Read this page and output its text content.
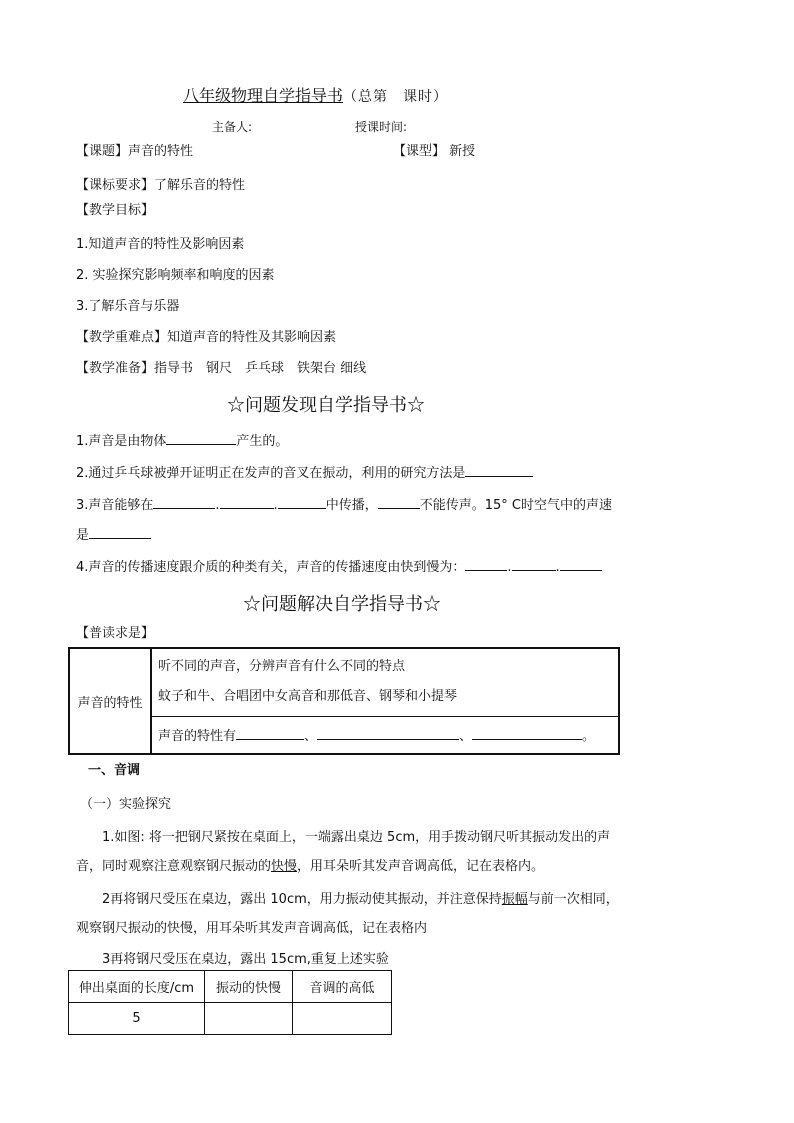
八年级物理自学指导书（总第　课时）
主备人:	授课时间:
【课题】声音的特性	【课型】 新授
【课标要求】了解乐音的特性
【教学目标】
1.知道声音的特性及影响因素
2. 实验探究影响频率和响度的因素
3.了解乐音与乐器
【教学重难点】知道声音的特性及其影响因素
【教学准备】指导书　钢尺　乒乓球　铁架台 细线
☆问题发现自学指导书☆
1.声音是由物体	产生的。
2.通过乒乓球被弹开证明正在发声的音叉在振动，利用的研究方法是
3.声音能够在	.	.	中传播，	不能传声。15° C时空气中的声速
是
4.声音的传播速度跟介质的种类有关，声音的传播速度由快到慢为：	.	.
☆问题解决自学指导书☆
【普读求是】
声音的特性	
听不同的声音，分辨声音有什么不同的特点
蚊子和牛、合唱团中女高音和那低音、钢琴和小提琴

声音的特性有	、	、	。
一、音调
（一）实验探究
1.如图: 将一把钢尺紧按在桌面上，一端露出桌边 5cm，用手拨动钢尺听其振动发出的声
音，同时观察注意观察钢尺振动的快慢，用耳朵听其发声音调高低，记在表格内。
2再将钢尺受压在桌边，露出 10cm，用力振动使其振动，并注意保持振幅与前一次相同，
观察钢尺振动的快慢，用耳朵听其发声音调高低，记在表格内
3再将钢尺受压在桌边，露出 15cm,重复上述实验
伸出桌面的长度/cm	振动的快慢	音调的高低
5		
